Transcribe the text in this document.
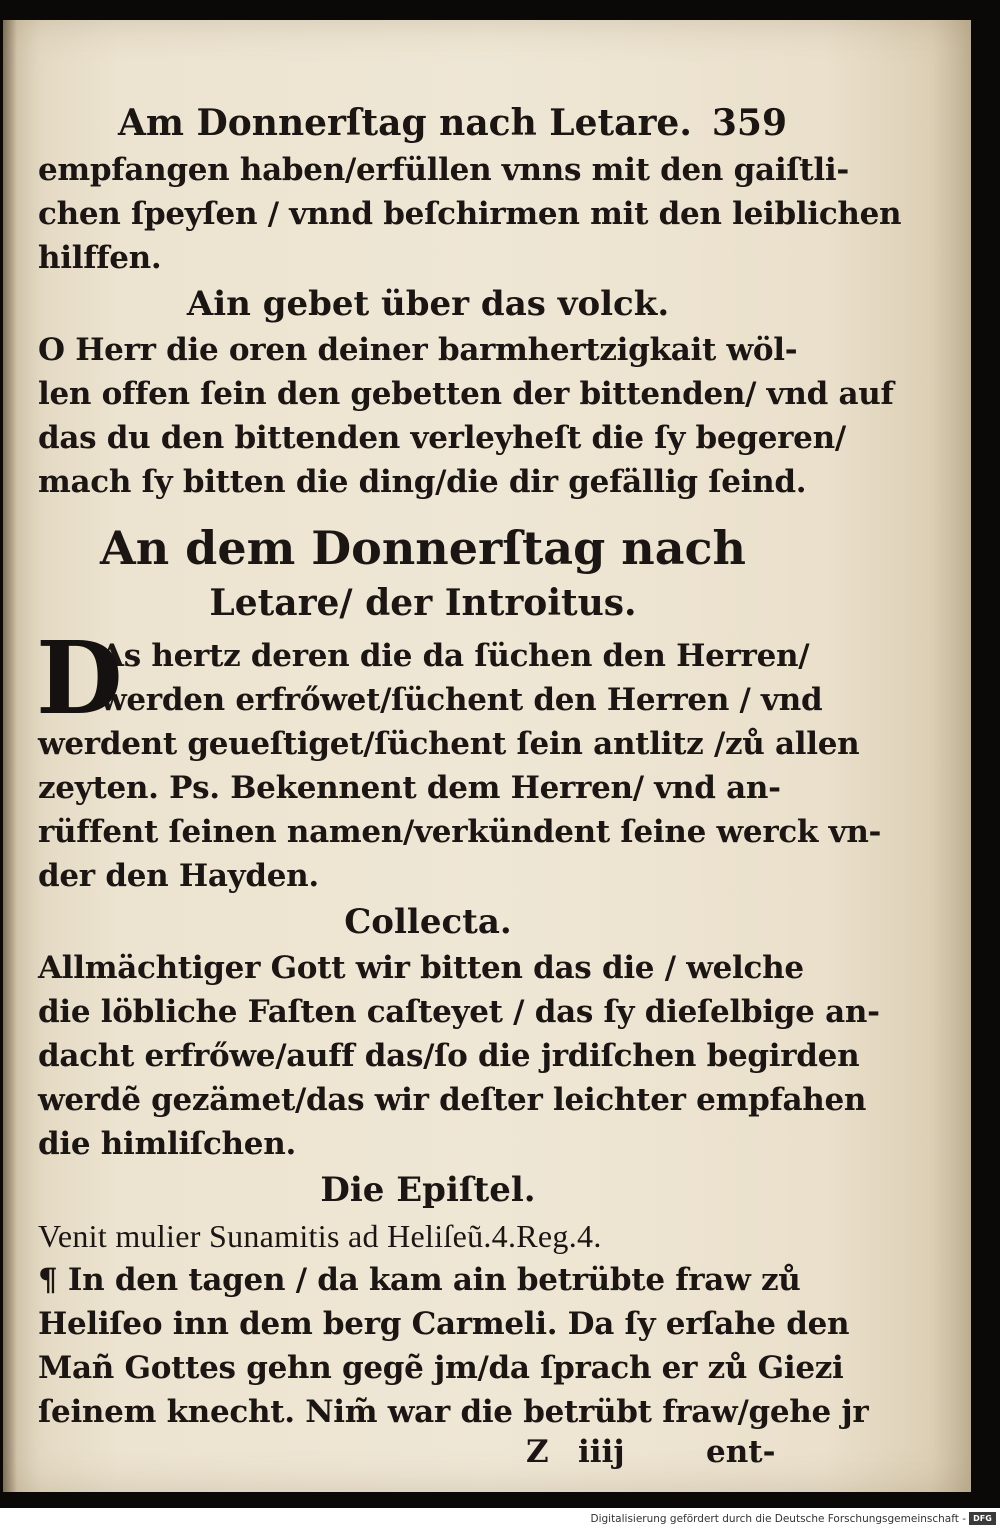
Am Donnerſtag nach Letare. 359
empfangen haben/erfüllen vnns mit den gaiſtli-
chen ſpeyſen / vnnd beſchirmen mit den leiblichen
hilffen.
Ain gebet über das volck.
O Herr die oren deiner barmhertzigkait wöl-
len offen ſein den gebetten der bittenden/ vnd auf
das du den bittenden verleyheſt die ſy begeren/
mach ſy bitten die ding/die dir gefällig ſeind.
An dem Donnerſtag nach
Letare/ der Introitus.
D
As hertz deren die da ſüchen den Herren/
werden erfrőwet/ſüchent den Herren / vnd
werdent geueſtiget/ſüchent ſein antlitz /zů allen
zeyten. Ps. Bekennent dem Herren/ vnd an-
rüffent ſeinen namen/verkündent ſeine werck vn-
der den Hayden.
Collecta.
Allmächtiger Gott wir bitten das die / welche
die löbliche Faſten caſteyet / das ſy dieſelbige an-
dacht erfrőwe/auff das/ſo die jrdiſchen begirden
werdẽ gezämet/das wir deſter leichter empfahen
die himliſchen.
Die Epiſtel.
Venit mulier Sunamitis ad Heliſeũ.4.Reg.4.
¶ In den tagen / da kam ain betrübte fraw zů
Heliſeo inn dem berg Carmeli. Da ſy erſahe den
Mañ Gottes gehn gegẽ jm/da ſprach er zů Giezi
ſeinem knecht. Nim̃ war die betrübt fraw/gehe jr
Z iiij	ent-
Digitalisierung gefördert durch die Deutsche Forschungsgemeinschaft - DFG
